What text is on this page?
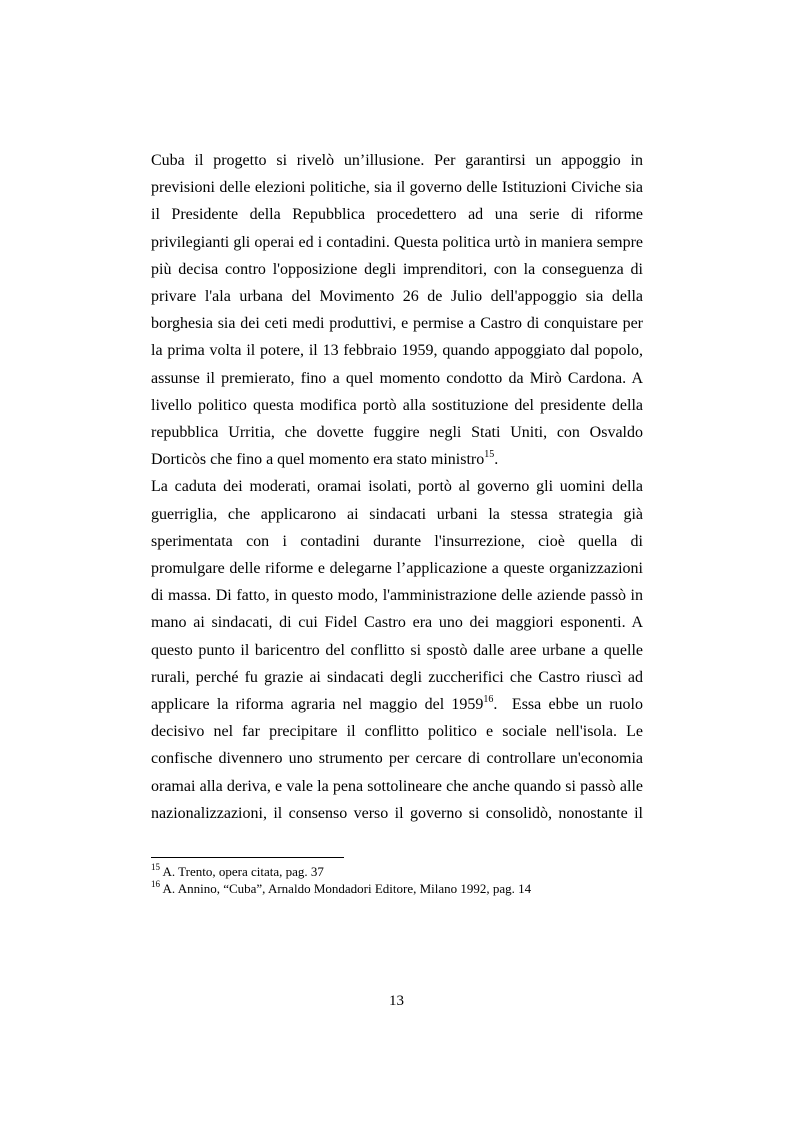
Cuba il progetto si rivelò un’illusione. Per garantirsi un appoggio in
previsioni delle elezioni politiche, sia il governo delle Istituzioni Civiche sia
il Presidente della Repubblica procedettero ad una serie di riforme
privilegianti gli operai ed i contadini. Questa politica urtò in maniera sempre
più decisa contro l'opposizione degli imprenditori, con la conseguenza di
privare l'ala urbana del Movimento 26 de Julio dell'appoggio sia della
borghesia sia dei ceti medi produttivi, e permise a Castro di conquistare per
la prima volta il potere, il 13 febbraio 1959, quando appoggiato dal popolo,
assunse il premierato, fino a quel momento condotto da Mirò Cardona. A
livello politico questa modifica portò alla sostituzione del presidente della
repubblica Urritia, che dovette fuggire negli Stati Uniti, con Osvaldo
Dorticòs che fino a quel momento era stato ministro$^{15}$.
La caduta dei moderati, oramai isolati, portò al governo gli uomini della
guerriglia, che applicarono ai sindacati urbani la stessa strategia già
sperimentata con i contadini durante l'insurrezione, cioè quella di
promulgare delle riforme e delegarne l’applicazione a queste organizzazioni
di massa. Di fatto, in questo modo, l'amministrazione delle aziende passò in
mano ai sindacati, di cui Fidel Castro era uno dei maggiori esponenti. A
questo punto il baricentro del conflitto si spostò dalle aree urbane a quelle
rurali, perché fu grazie ai sindacati degli zuccherifici che Castro riuscì ad
applicare la riforma agraria nel maggio del 1959$^{16}$.  Essa ebbe un ruolo
decisivo nel far precipitare il conflitto politico e sociale nell'isola. Le
confische divennero uno strumento per cercare di controllare un'economia
oramai alla deriva, e vale la pena sottolineare che anche quando si passò alle
nazionalizzazioni, il consenso verso il governo si consolidò, nonostante il
$^{15}$ A. Trento, opera citata, pag. 37
$^{16}$ A. Annino, “Cuba”, Arnaldo Mondadori Editore, Milano 1992, pag. 14
13
